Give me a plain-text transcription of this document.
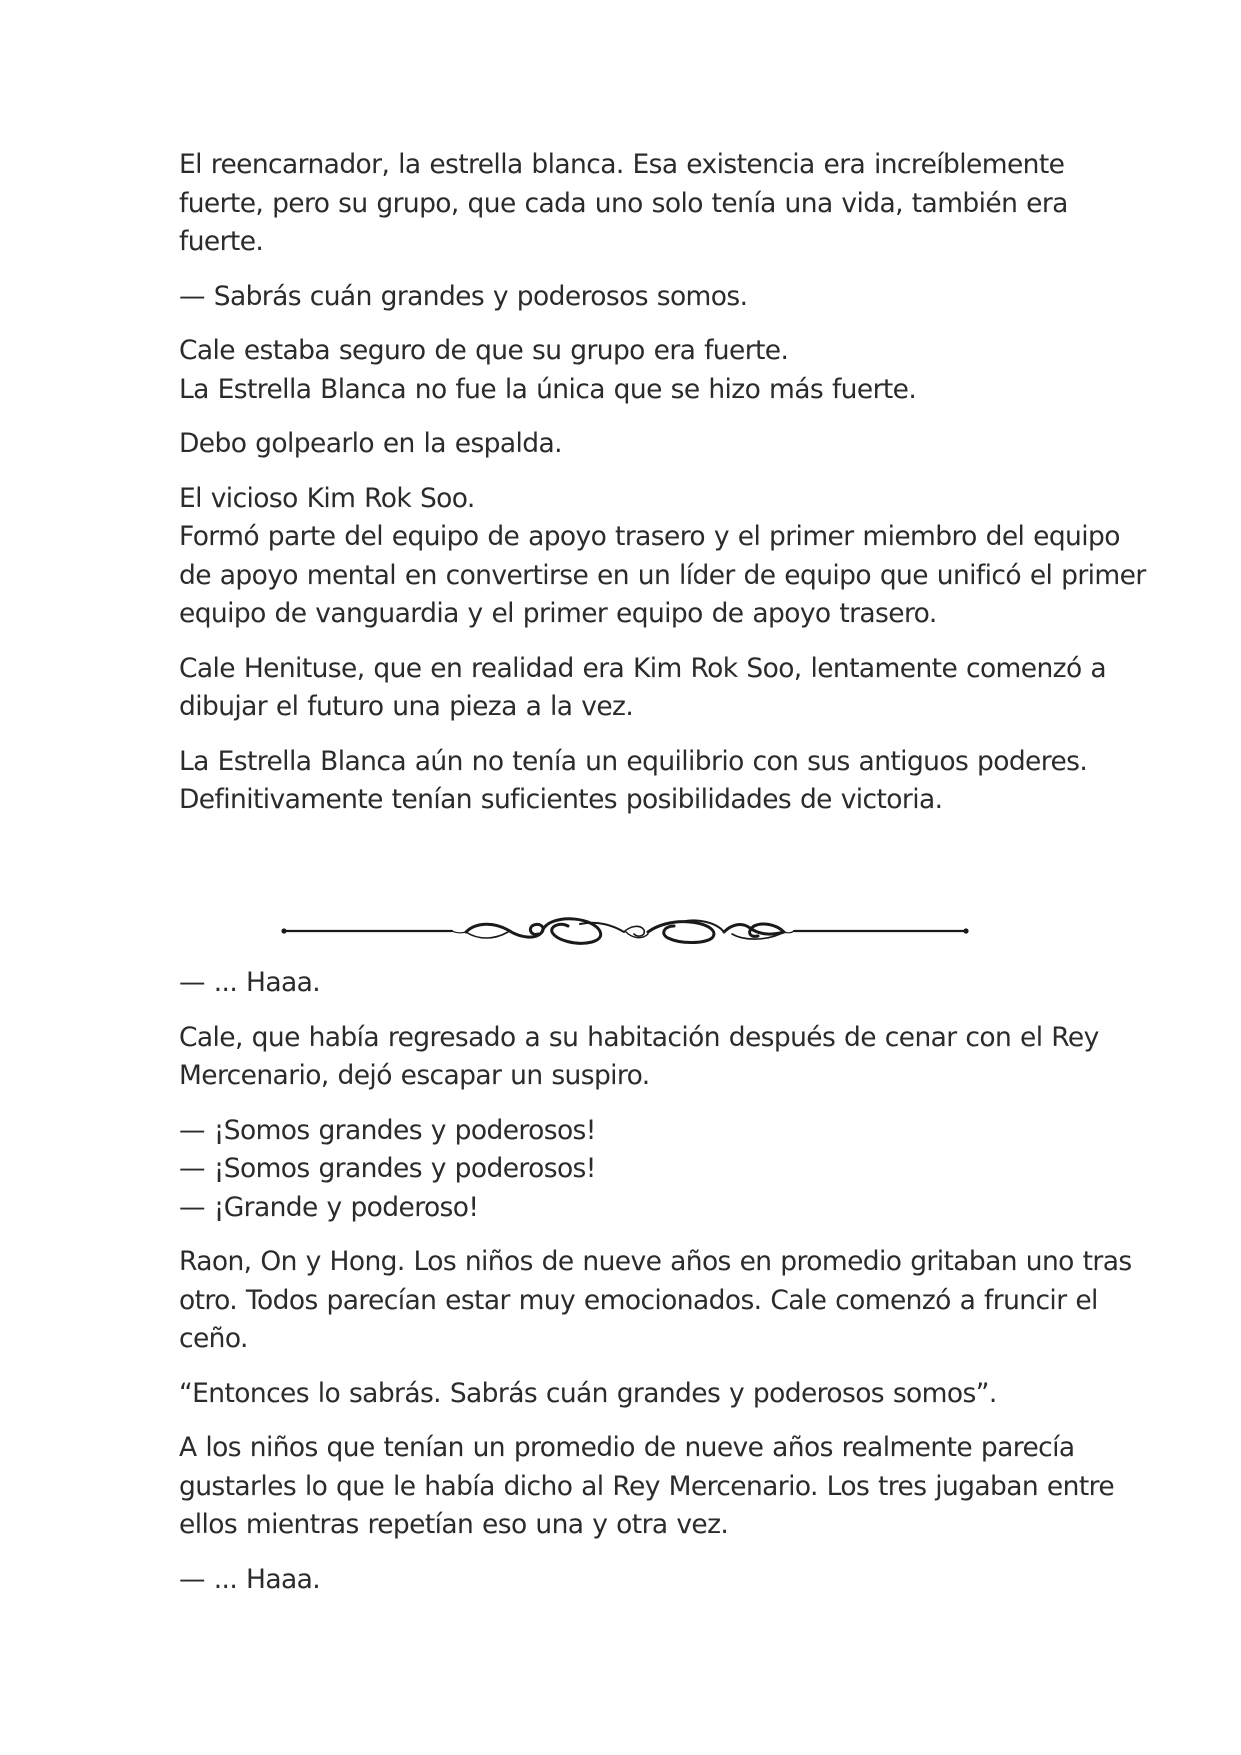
El reencarnador, la estrella blanca. Esa existencia era increíblemente
fuerte, pero su grupo, que cada uno solo tenía una vida, también era
fuerte.

— Sabrás cuán grandes y poderosos somos.

Cale estaba seguro de que su grupo era fuerte.
La Estrella Blanca no fue la única que se hizo más fuerte.

Debo golpearlo en la espalda.

El vicioso Kim Rok Soo.
Formó parte del equipo de apoyo trasero y el primer miembro del equipo
de apoyo mental en convertirse en un líder de equipo que unificó el primer
equipo de vanguardia y el primer equipo de apoyo trasero.

Cale Henituse, que en realidad era Kim Rok Soo, lentamente comenzó a
dibujar el futuro una pieza a la vez.

La Estrella Blanca aún no tenía un equilibrio con sus antiguos poderes.
Definitivamente tenían suficientes posibilidades de victoria.

— ... Haaa.

Cale, que había regresado a su habitación después de cenar con el Rey
Mercenario, dejó escapar un suspiro.

— ¡Somos grandes y poderosos!
— ¡Somos grandes y poderosos!
— ¡Grande y poderoso!

Raon, On y Hong. Los niños de nueve años en promedio gritaban uno tras
otro. Todos parecían estar muy emocionados. Cale comenzó a fruncir el
ceño.

“Entonces lo sabrás. Sabrás cuán grandes y poderosos somos”.

A los niños que tenían un promedio de nueve años realmente parecía
gustarles lo que le había dicho al Rey Mercenario. Los tres jugaban entre
ellos mientras repetían eso una y otra vez.

— ... Haaa.
